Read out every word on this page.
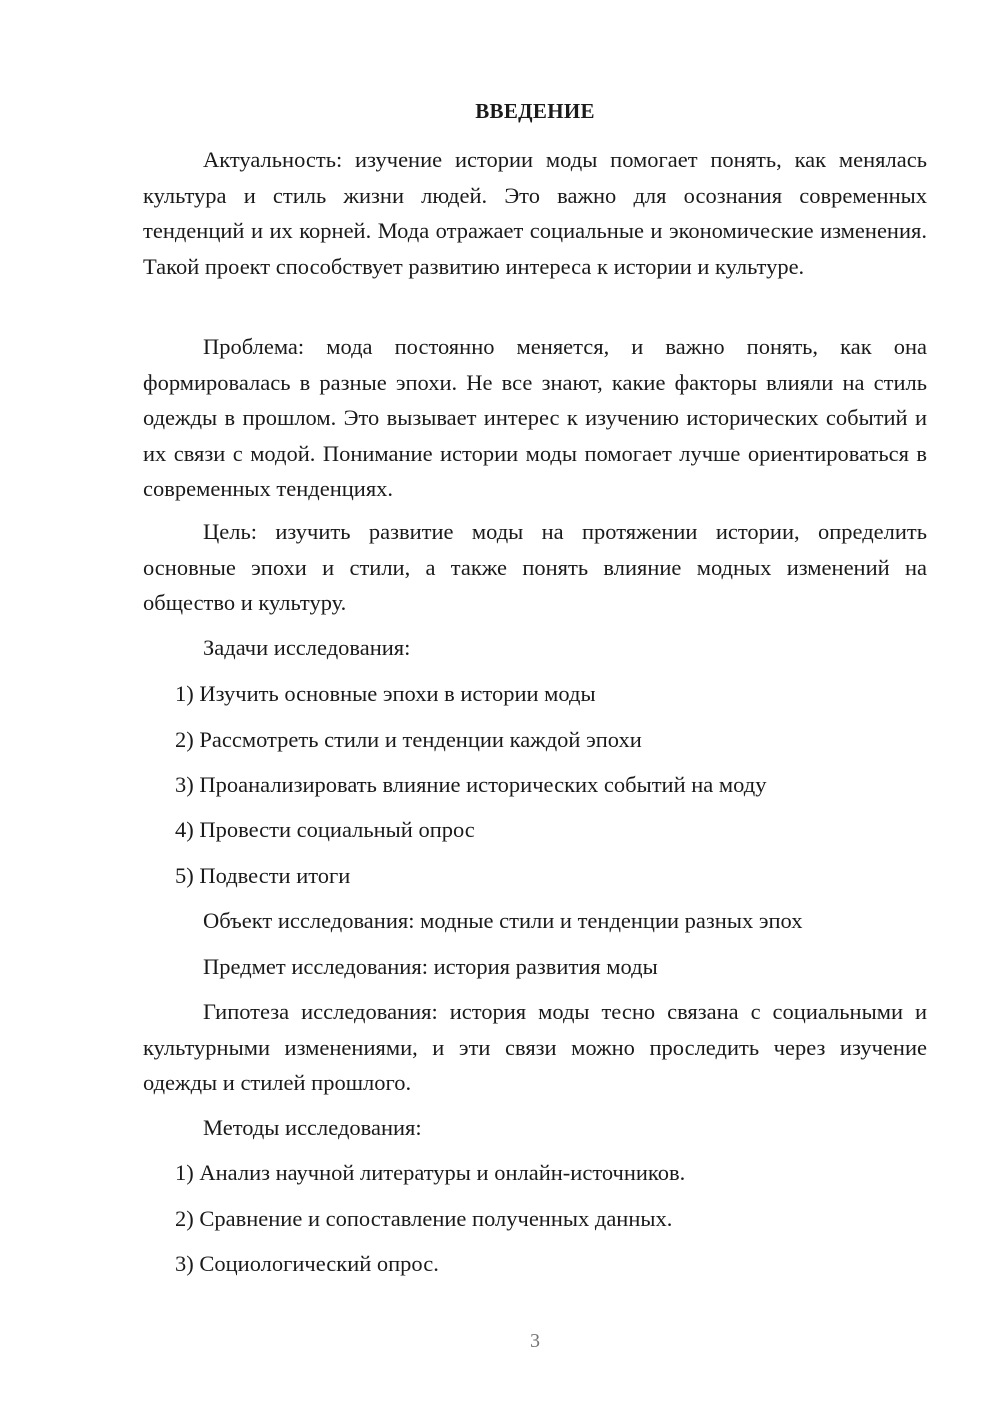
ВВЕДЕНИЕ

Актуальность: изучение истории моды помогает понять, как менялась культура и стиль жизни людей. Это важно для осознания современных тенденций и их корней. Мода отражает социальные и экономические изменения. Такой проект способствует развитию интереса к истории и культуре.

Проблема: мода постоянно меняется, и важно понять, как она формировалась в разные эпохи. Не все знают, какие факторы влияли на стиль одежды в прошлом. Это вызывает интерес к изучению исторических событий и их связи с модой. Понимание истории моды помогает лучше ориентироваться в современных тенденциях.

Цель: изучить развитие моды на протяжении истории, определить основные эпохи и стили, а также понять влияние модных изменений на общество и культуру.

Задачи исследования:

1) Изучить основные эпохи в истории моды

2) Рассмотреть стили и тенденции каждой эпохи

3) Проанализировать влияние исторических событий на моду

4) Провести социальный опрос

5) Подвести итоги

Объект исследования: модные стили и тенденции разных эпох

Предмет исследования: история развития моды

Гипотеза исследования: история моды тесно связана с социальными и культурными изменениями, и эти связи можно проследить через изучение одежды и стилей прошлого.

Методы исследования:

1) Анализ научной литературы и онлайн-источников.

2) Сравнение и сопоставление полученных данных.

3) Социологический опрос.

3
